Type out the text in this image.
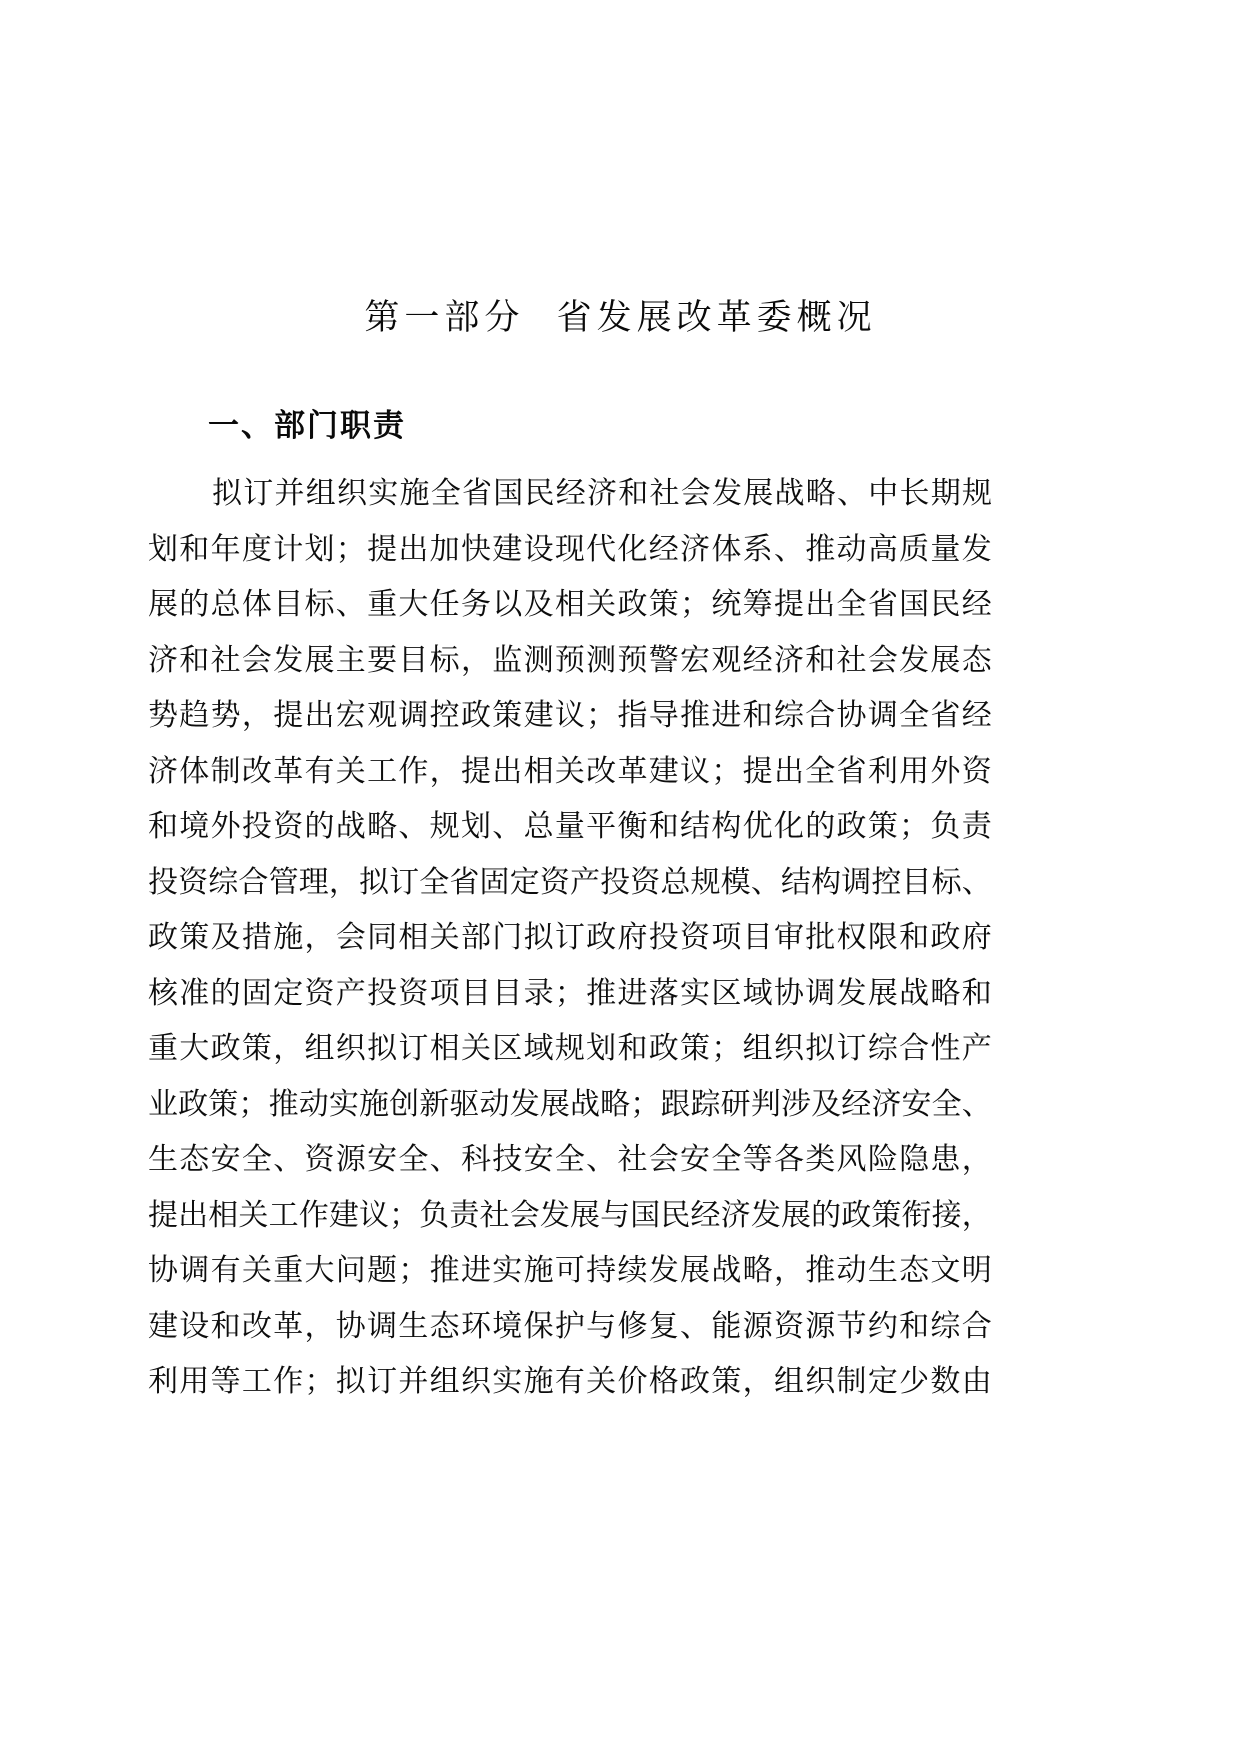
第一部分  省发展改革委概况
一、部门职责
拟 订 并 组 织 实 施 全 省 国 民 经 济 和 社 会 发 展 战 略 、 中 长 期 规
划 和 年 度 计 划 ； 提 出 加 快 建 设 现 代 化 经 济 体 系 、 推 动 高 质 量 发
展 的 总 体 目 标 、 重 大 任 务 以 及 相 关 政 策 ； 统 筹 提 出 全 省 国 民 经
济 和 社 会 发 展 主 要 目 标 ， 监 测 预 测 预 警 宏 观 经 济 和 社 会 发 展 态
势 趋 势 ， 提 出 宏 观 调 控 政 策 建 议 ； 指 导 推 进 和 综 合 协 调 全 省 经
济 体 制 改 革 有 关 工 作 ， 提 出 相 关 改 革 建 议 ； 提 出 全 省 利 用 外 资
和 境 外 投 资 的 战 略 、 规 划 、 总 量 平 衡 和 结 构 优 化 的 政 策 ； 负 责
投 资 综 合 管 理 ， 拟 订 全 省 固 定 资 产 投 资 总 规 模 、 结 构 调 控 目 标 、
政 策 及 措 施 ， 会 同 相 关 部 门 拟 订 政 府 投 资 项 目 审 批 权 限 和 政 府
核 准 的 固 定 资 产 投 资 项 目 目 录 ； 推 进 落 实 区 域 协 调 发 展 战 略 和
重 大 政 策 ， 组 织 拟 订 相 关 区 域 规 划 和 政 策 ； 组 织 拟 订 综 合 性 产
业 政 策 ； 推 动 实 施 创 新 驱 动 发 展 战 略 ； 跟 踪 研 判 涉 及 经 济 安 全 、
生 态 安 全 、 资 源 安 全 、 科 技 安 全 、 社 会 安 全 等 各 类 风 险 隐 患 ，
提 出 相 关 工 作 建 议 ； 负 责 社 会 发 展 与 国 民 经 济 发 展 的 政 策 衔 接 ，
协 调 有 关 重 大 问 题 ； 推 进 实 施 可 持 续 发 展 战 略 ， 推 动 生 态 文 明
建 设 和 改 革 ， 协 调 生 态 环 境 保 护 与 修 复 、 能 源 资 源 节 约 和 综 合
利 用 等 工 作 ； 拟 订 并 组 织 实 施 有 关 价 格 政 策 ， 组 织 制 定 少 数 由
